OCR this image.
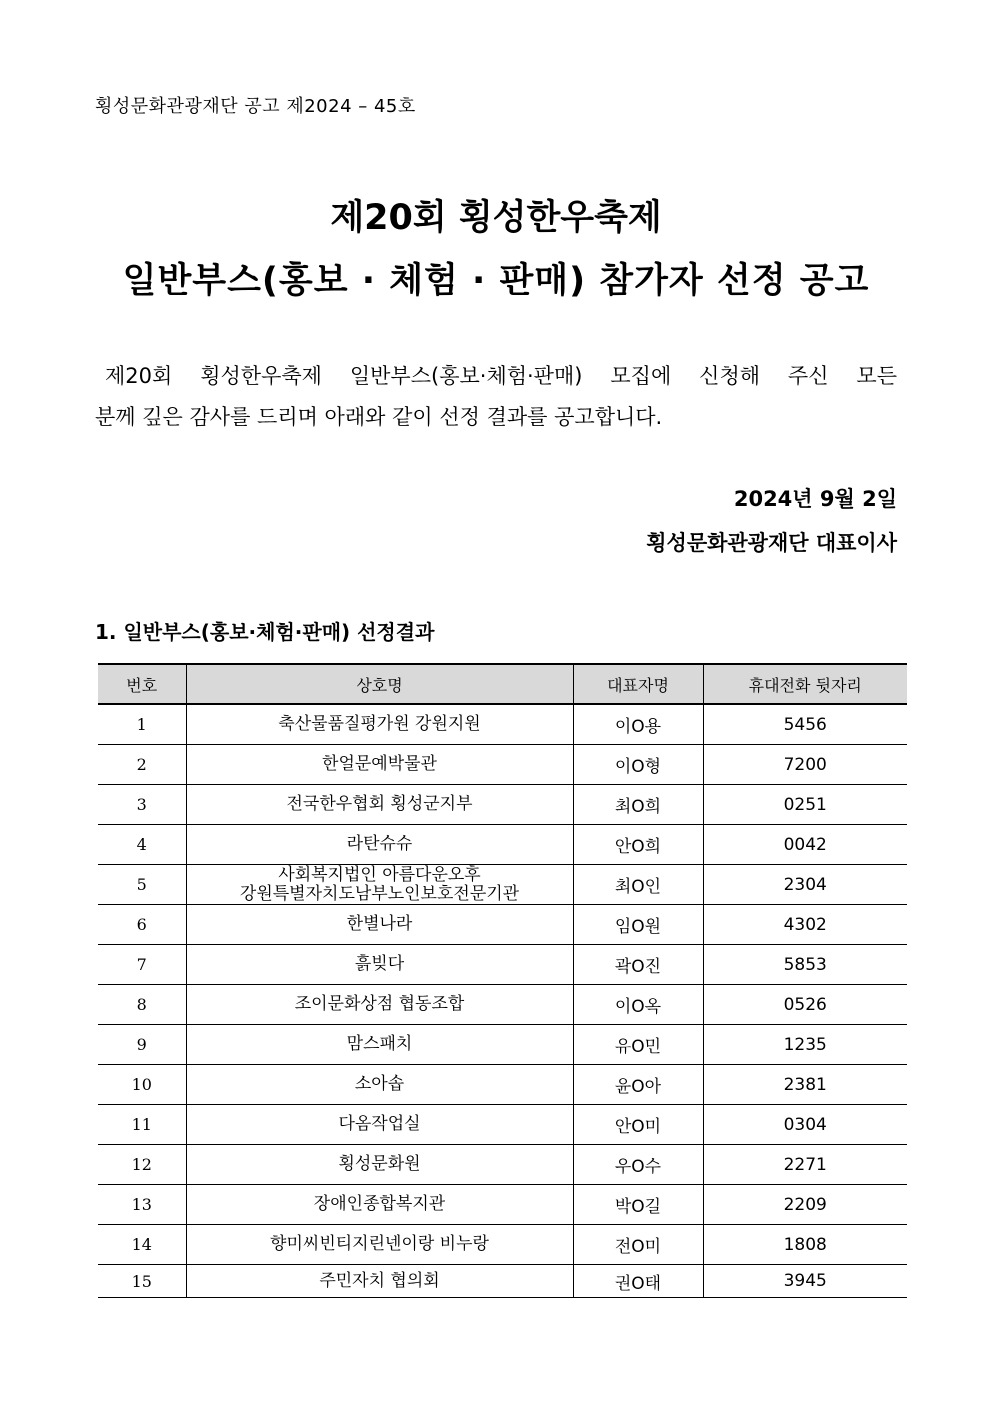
횡성문화관광재단 공고 제2024 – 45호
제20회 횡성한우축제
일반부스(홍보 · 체험 · 판매) 참가자 선정 공고
제20회 횡성한우축제 일반부스(홍보·체험·판매) 모집에 신청해 주신 모든
분께 깊은 감사를 드리며 아래와 같이 선정 결과를 공고합니다.
2024년 9월 2일
횡성문화관광재단 대표이사
1. 일반부스(홍보·체험·판매) 선정결과
번호	상호명	대표자명	휴대전화 뒷자리
1	축산물품질평가원 강원지원	이O용	5456
2	한얼문예박물관	이O형	7200
3	전국한우협회 횡성군지부	최O희	0251
4	라탄슈슈	안O희	0042
5	사회복지법인 아름다운오후
강원특별자치도남부노인보호전문기관	최O인	2304
6	한별나라	임O원	4302
7	흙빚다	곽O진	5853
8	조이문화상점 협동조합	이O옥	0526
9	맘스패치	유O민	1235
10	소아솝	윤O아	2381
11	다옴작업실	안O미	0304
12	횡성문화원	우O수	2271
13	장애인종합복지관	박O길	2209
14	향미씨빈티지린넨이랑 비누랑	전O미	1808
15	주민자치 협의회	권O태	3945
